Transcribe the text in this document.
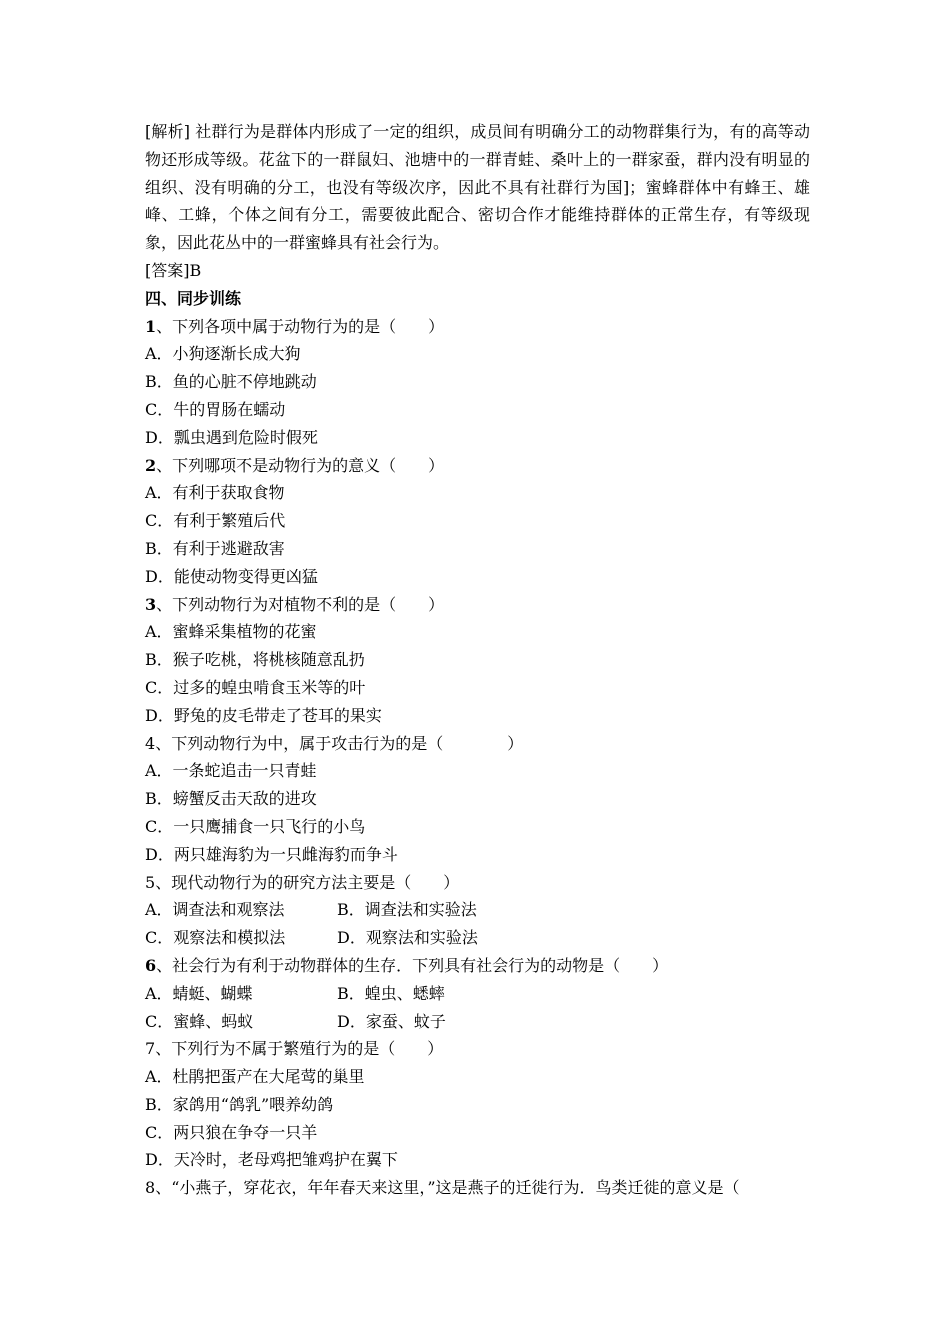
[解析] 社群行为是群体内形成了一定的组织，成员间有明确分工的动物群集行为，有的高等动物还形成等级。花盆下的一群鼠妇、池塘中的一群青蛙、桑叶上的一群家蚕，群内没有明显的组织、没有明确的分工，也没有等级次序，因此不具有社群行为国]；蜜蜂群体中有蜂王、雄峰、工蜂，个体之间有分工，需要彼此配合、密切合作才能维持群体的正常生存，有等级现象，因此花丛中的一群蜜蜂具有社会行为。

[答案]B

四、同步训练

1、下列各项中属于动物行为的是（　　）

A．小狗逐渐长成大狗

B．鱼的心脏不停地跳动

C．牛的胃肠在蠕动

D．瓢虫遇到危险时假死

2、下列哪项不是动物行为的意义（　　）

A．有利于获取食物

C．有利于繁殖后代

B．有利于逃避敌害

D．能使动物变得更凶猛

3、下列动物行为对植物不利的是（　　）

A．蜜蜂采集植物的花蜜

B．猴子吃桃，将桃核随意乱扔

C．过多的蝗虫啃食玉米等的叶

D．野兔的皮毛带走了苍耳的果实

4、下列动物行为中，属于攻击行为的是（　　　　）

A．一条蛇追击一只青蛙

B．螃蟹反击天敌的进攻

C．一只鹰捕食一只飞行的小鸟

D．两只雄海豹为一只雌海豹而争斗

5、现代动物行为的研究方法主要是（　　）

A．调查法和观察法	B．调查法和实验法
C．观察法和模拟法	D．观察法和实验法

6、社会行为有利于动物群体的生存．下列具有社会行为的动物是（　　）

A．蜻蜓、蝴蝶	B．蝗虫、蟋蟀
C．蜜蜂、蚂蚁	D．家蚕、蚊子

7、下列行为不属于繁殖行为的是（　　）

A．杜鹃把蛋产在大尾莺的巢里

B．家鸽用“鸽乳”喂养幼鸽

C．两只狼在争夺一只羊

D．天冷时，老母鸡把雏鸡护在翼下

8、“小燕子，穿花衣，年年春天来这里，”这是燕子的迁徙行为．鸟类迁徙的意义是（
